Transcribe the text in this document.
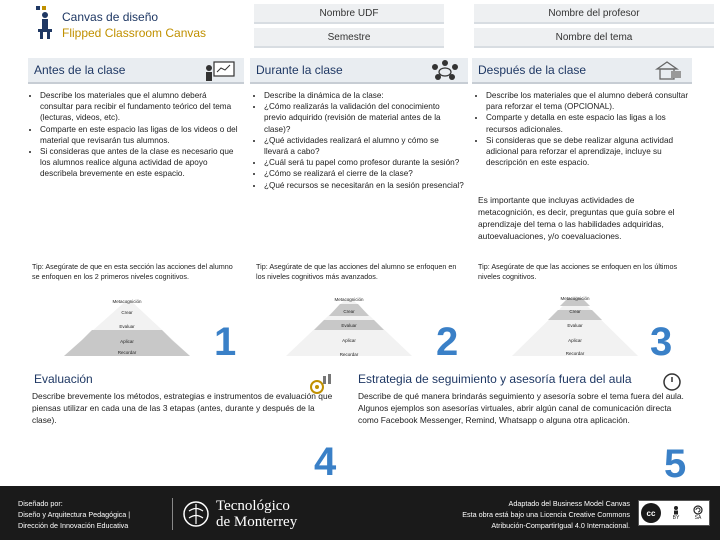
Canvas de diseño
Flipped Classroom Canvas
Nombre UDF	Nombre del profesor
Semestre	Nombre del tema
Antes de la clase	Durante la clase	Después de la clase
• Describe los materiales que el alumno deberá consultar para recibir el fundamento teórico del tema (lecturas, videos, etc).
• Comparte en este espacio las ligas de los videos o del material que revisarán tus alumnos.
• Si consideras que antes de la clase es necesario que los alumnos realice alguna actividad de apoyo describela brevemente en este espacio.
• Describe la dinámica de la clase:
• ¿Cómo realizarás la validación del conocimiento previo adquirido (revisión de material antes de la clase)?
• ¿Qué actividades realizará el alumno y cómo se llevará a cabo?
• ¿Cuál será tu papel como profesor durante la sesión?
• ¿Cómo se realizará el cierre de la clase?
• ¿Qué recursos se necesitarán en la sesión presencial?
• Describe los materiales que el alumno deberá consultar para reforzar el tema (OPCIONAL).
• Comparte y detalla en este espacio las ligas a los recursos adicionales.
• Si consideras que se debe realizar alguna actividad adicional para reforzar el aprendizaje, incluye su descripción en este espacio.
Es importante que incluyas actividades de metacognición, es decir, preguntas que guía sobre el aprendizaje del tema o las habilidades adquiridas, autoevaluaciones, y/o coevaluaciones.
Tip: Asegúrate de que en esta sección las acciones del alumno se enfoquen en los 2 primeros niveles cognitivos.
Tip: Asegúrate de que las acciones del alumno se enfoquen en los niveles cognitivos más avanzados.
Tip: Asegúrate de que las acciones se enfoquen en los últimos niveles cognitivos.
Metacognición
Crear
Evaluar
Aplicar
Recordar	1
Metacognición
Crear
Evaluar
Aplicar
Recordar	2
Metacognición
Crear
Evaluar
Aplicar
Recordar	3
Evaluación
Describe brevemente los métodos, estrategias e instrumentos de evaluación que piensas utilizar en cada una de las 3 etapas (antes, durante y después de la clase).
4
Estrategia de seguimiento y asesoría fuera del aula
Describe de qué manera brindarás seguimiento y asesoría sobre el tema fuera del aula. Algunos ejemplos son asesorías virtuales, abrir algún canal de comunicación directa como Facebook Messenger, Remind, Whatsapp o alguna otra aplicación.
5
Diseñado por:
Diseño y Arquitectura Pedagógica |
Dirección de Innovación Educativa
Tecnológico
de Monterrey
Adaptado del Business Model Canvas
Esta obra está bajo una Licencia Creative Commons
Atribución-CompartirIgual 4.0 Internacional.
cc
BY	SA
